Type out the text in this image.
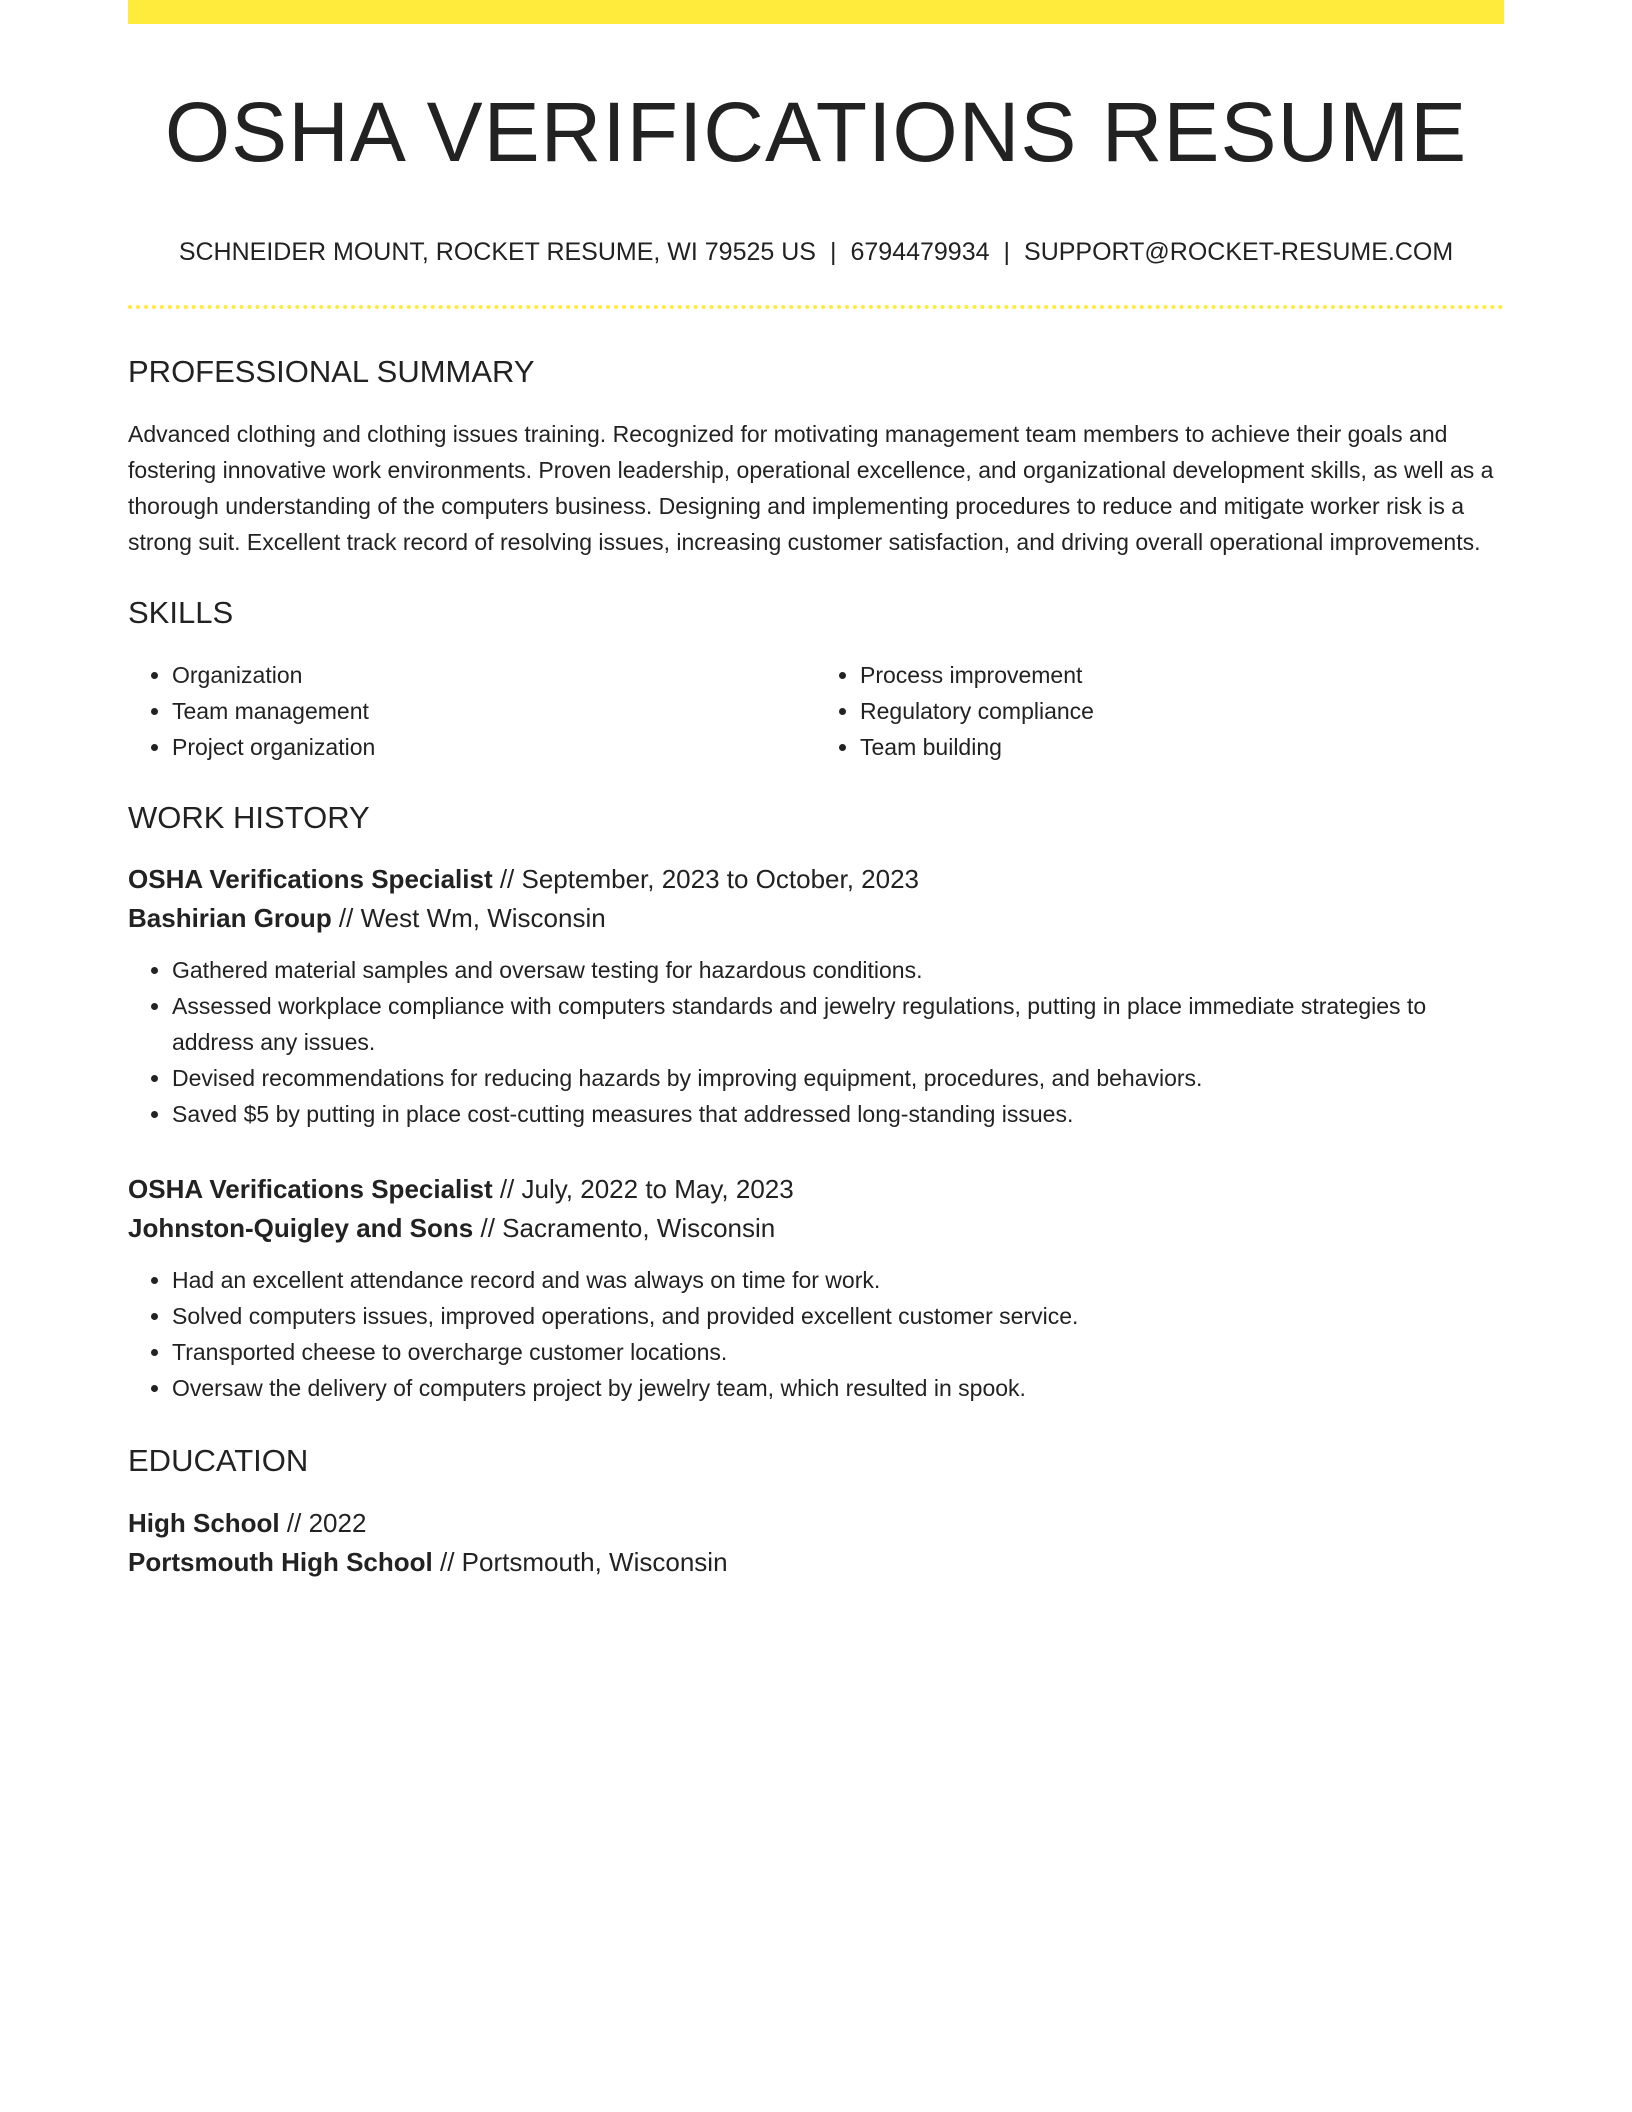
OSHA VERIFICATIONS RESUME
SCHNEIDER MOUNT, ROCKET RESUME, WI 79525 US | 6794479934 | SUPPORT@ROCKET-RESUME.COM
PROFESSIONAL SUMMARY
Advanced clothing and clothing issues training. Recognized for motivating management team members to achieve their goals and fostering innovative work environments. Proven leadership, operational excellence, and organizational development skills, as well as a thorough understanding of the computers business. Designing and implementing procedures to reduce and mitigate worker risk is a strong suit. Excellent track record of resolving issues, increasing customer satisfaction, and driving overall operational improvements.
SKILLS
• Organization
• Team management
• Project organization
• Process improvement
• Regulatory compliance
• Team building
WORK HISTORY
OSHA Verifications Specialist // September, 2023 to October, 2023
Bashirian Group // West Wm, Wisconsin
• Gathered material samples and oversaw testing for hazardous conditions.
• Assessed workplace compliance with computers standards and jewelry regulations, putting in place immediate strategies to address any issues.
• Devised recommendations for reducing hazards by improving equipment, procedures, and behaviors.
• Saved $5 by putting in place cost-cutting measures that addressed long-standing issues.
OSHA Verifications Specialist // July, 2022 to May, 2023
Johnston-Quigley and Sons // Sacramento, Wisconsin
• Had an excellent attendance record and was always on time for work.
• Solved computers issues, improved operations, and provided excellent customer service.
• Transported cheese to overcharge customer locations.
• Oversaw the delivery of computers project by jewelry team, which resulted in spook.
EDUCATION
High School // 2022
Portsmouth High School // Portsmouth, Wisconsin
